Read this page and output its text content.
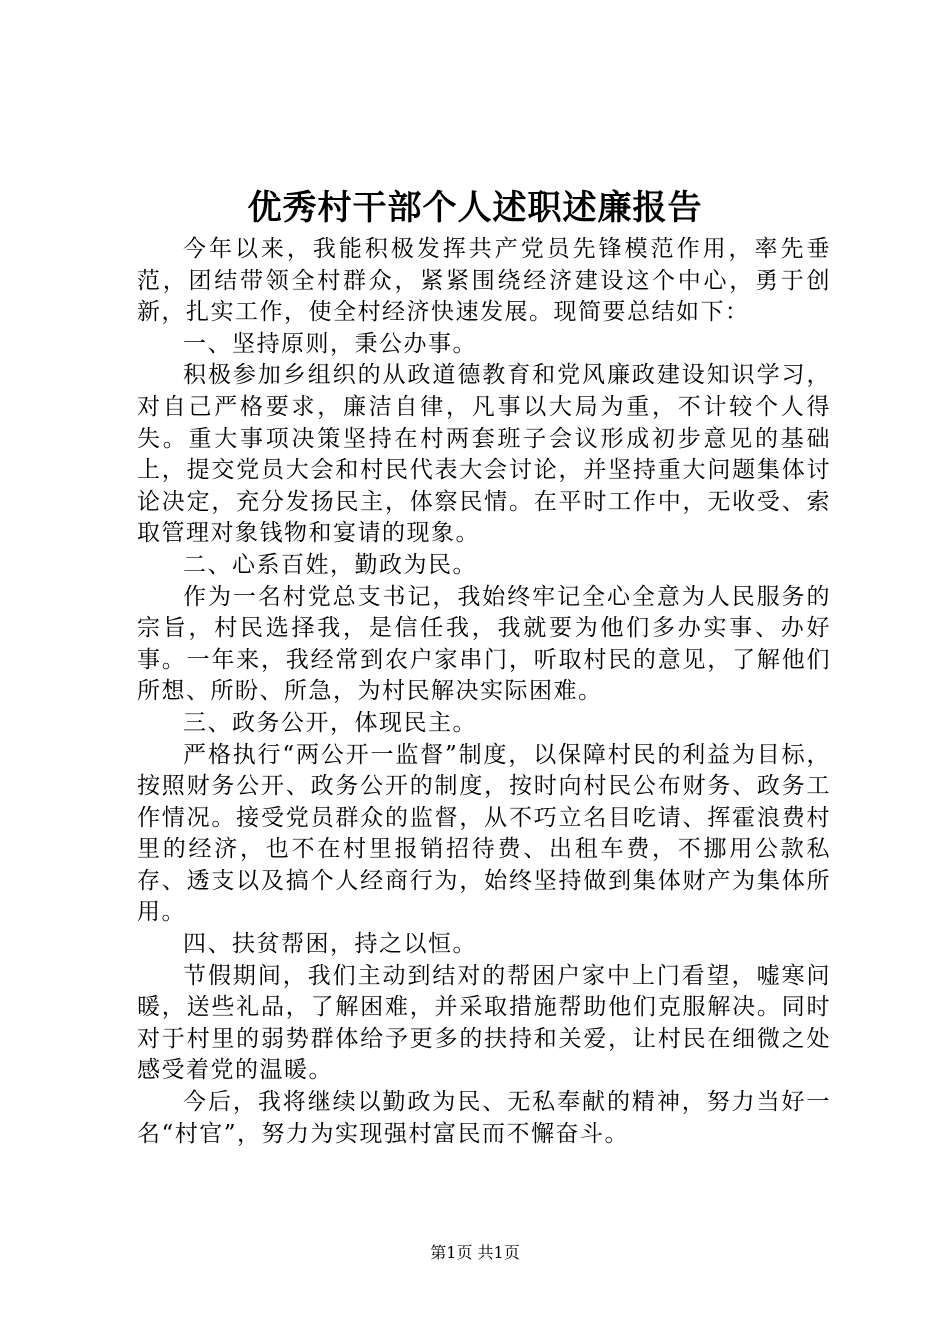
优秀村干部个人述职述廉报告

今年以来，我能积极发挥共产党员先锋模范作用，率先垂范，团结带领全村群众，紧紧围绕经济建设这个中心，勇于创新，扎实工作，使全村经济快速发展。现简要总结如下：

一、坚持原则，秉公办事。

积极参加乡组织的从政道德教育和党风廉政建设知识学习，对自己严格要求，廉洁自律，凡事以大局为重，不计较个人得失。重大事项决策坚持在村两套班子会议形成初步意见的基础上，提交党员大会和村民代表大会讨论，并坚持重大问题集体讨论决定，充分发扬民主，体察民情。在平时工作中，无收受、索取管理对象钱物和宴请的现象。

二、心系百姓，勤政为民。

作为一名村党总支书记，我始终牢记全心全意为人民服务的宗旨，村民选择我，是信任我，我就要为他们多办实事、办好事。一年来，我经常到农户家串门，听取村民的意见，了解他们所想、所盼、所急，为村民解决实际困难。

三、政务公开，体现民主。

严格执行“两公开一监督”制度，以保障村民的利益为目标，按照财务公开、政务公开的制度，按时向村民公布财务、政务工作情况。接受党员群众的监督，从不巧立名目吃请、挥霍浪费村里的经济，也不在村里报销招待费、出租车费，不挪用公款私存、透支以及搞个人经商行为，始终坚持做到集体财产为集体所用。

四、扶贫帮困，持之以恒。

节假期间，我们主动到结对的帮困户家中上门看望，嘘寒问暖，送些礼品，了解困难，并采取措施帮助他们克服解决。同时对于村里的弱势群体给予更多的扶持和关爱，让村民在细微之处感受着党的温暖。

今后，我将继续以勤政为民、无私奉献的精神，努力当好一名“村官”，努力为实现强村富民而不懈奋斗。

第1页 共1页
